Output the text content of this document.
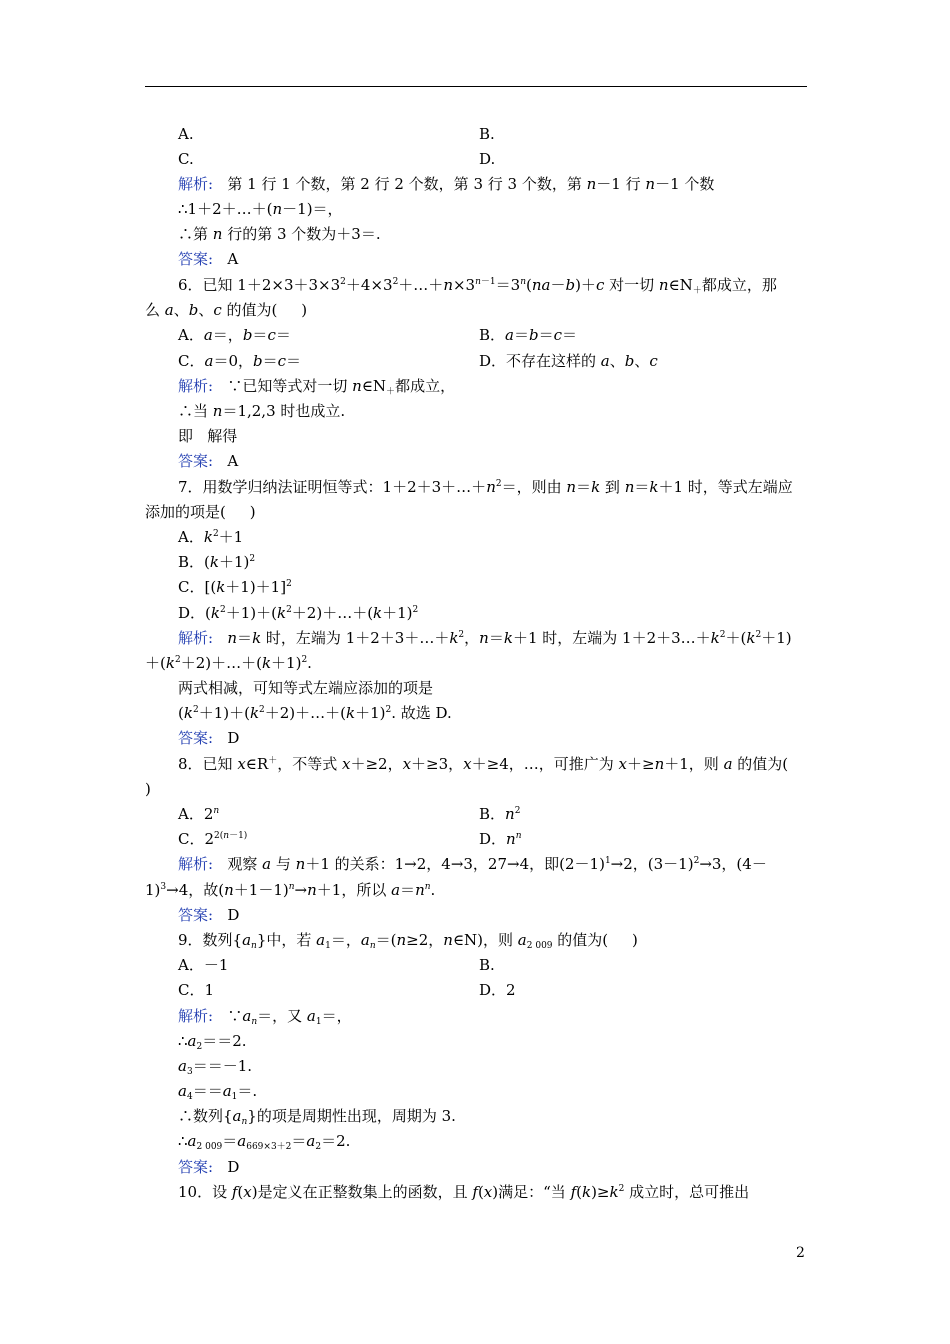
A.	B.
C.	D.
解析:   第 1 行 1 个数，第 2 行 2 个数，第 3 行 3 个数，第 n－1 行 n－1 个数
∴1＋2＋…＋(n－1)＝，
∴第 n 行的第 3 个数为＋3＝.
答案:   A
6．已知 $1+2\times 3+3\times 3^2+4\times 3^2+\dots+n\times 3^{n-1}=3^n(na-b)+c$ 对一切 $n\in N_+$都成立，那
么 a、b、c 的值为(     )
A．a＝，b＝c＝	B．a＝b＝c＝
C．a＝0，b＝c＝	D．不存在这样的 a、b、c
解析:   ∵已知等式对一切 $n\in N_+$都成立，
∴当 n＝1,2,3 时也成立.
即   解得
答案:   A
7．用数学归纳法证明恒等式：$1+2+3+\dots+n^2=$，则由 n＝k 到 n＝k＋1 时，等式左端应
添加的项是(     )
A．$k^2+1$
B．$(k+1)^2$
C．$[(k+1)+1]^2$
D．$(k^2+1)+(k^2+2)+\dots+(k+1)^2$
解析: n＝k 时，左端为 $1+2+3+\dots+k^2$，n＝k＋1 时，左端为 $1+2+3\dots+k^2+(k^2+1)$
$+(k^2+2)+\dots+(k+1)^2$.
两式相减，可知等式左端应添加的项是
$(k^2+1)+(k^2+2)+\dots+(k+1)^2$. 故选 D.
答案:   D
8．已知 x∈R＋，不等式 x＋≥2，x＋≥3，x＋≥4，…，可推广为 x＋≥n＋1，则 a 的值为(
)
A．2$^n$	B．$n^2$
C．$2^{2(n-1)}$	D．$n^n$
解析:   观察 a 与 n＋1 的关系：1→2，4→3，27→4，即$(2-1)^1\to 2$，$(3-1)^2\to 3$，(4－
1)$^3$→4，故$(n+1-1)^n\to n+1$，所以 $a=n^n$.
答案:   D
9．数列$\{a_n\}$中，若 $a_1=$，$a_n=(n\ge 2$，n∈N)，则 $a_{2 009}$ 的值为(     )
A．－1	B.
C．1	D．2
解析:   $\because a_n=$，又 $a_1=$，
$\therefore a_2==2$.
$a_3==-1$.
$a_4==a_1=$.
∴数列$\{a_n\}$的项是周期性出现，周期为 3.
$\therefore a_{2 009}=a_{669\times 3+2}=a_2=2$.
答案:   D
10．设 f(x)是定义在正整数集上的函数，且 f(x)满足：“当 $f(k)\ge k^2$ 成立时，总可推出
2
